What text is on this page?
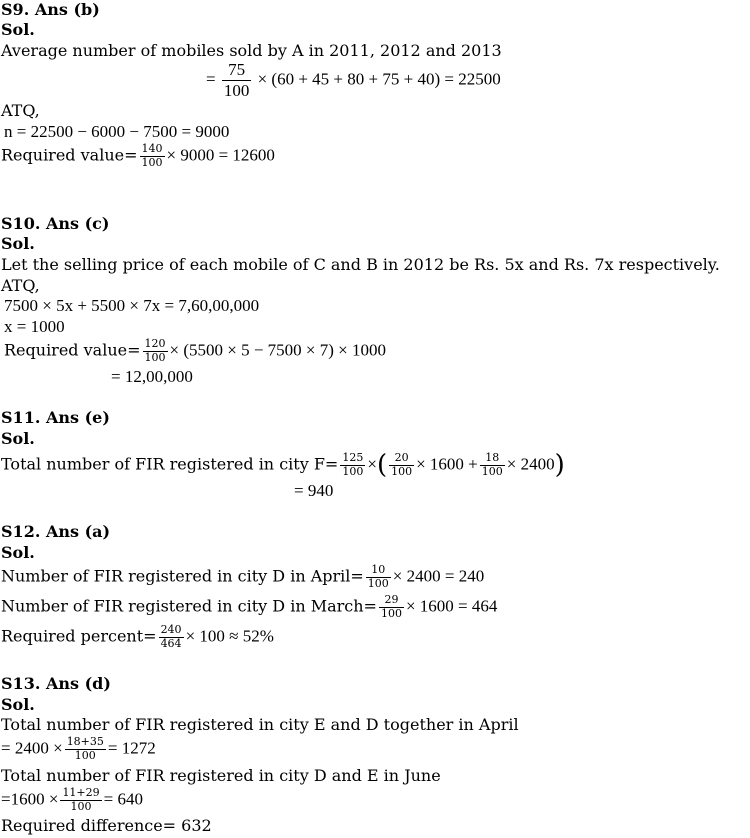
S9. Ans (b)
Sol.
Average number of mobiles sold by A in 2011, 2012 and 2013
= $\frac{75}{100} \times (60 + 45 + 80 + 75 + 40) = 22500$
ATQ,
n = 22500 − 6000 − 7500 = 9000
Required value= $\frac{140}{100} \times 9000 = 12600$
S10. Ans (c)
Sol.
Let the selling price of each mobile of C and B in 2012 be Rs. 5x and Rs. 7x respectively.
ATQ,
7500 × 5x + 5500 × 7x = 7,60,00,000
x = 1000
Required value= $\frac{120}{100} \times (5500 \times 5 - 7500 \times 7) \times 1000$
= 12,00,000
S11. Ans (e)
Sol.
Total number of FIR registered in city $F= \frac{125}{100}$ ×( $\frac{20}{100} \times 1600 + \frac{18}{100} \times 2400$)
= 940
S12. Ans (a)
Sol.
Number of FIR registered in city D in April= $\frac{10}{100} \times 2400 = 240$
Number of FIR registered in city D in March= $\frac{29}{100} \times 1600 = 464$
Required percent= $\frac{240}{464} \times 100 \approx 52\%$
S13. Ans (d)
Sol.
Total number of FIR registered in city E and D together in April
= $2400 \times \frac{18+35}{100} = 1272$
Total number of FIR registered in city D and E in June
$=1600 \times \frac{11+29}{100} = 640$
Required difference= 632
